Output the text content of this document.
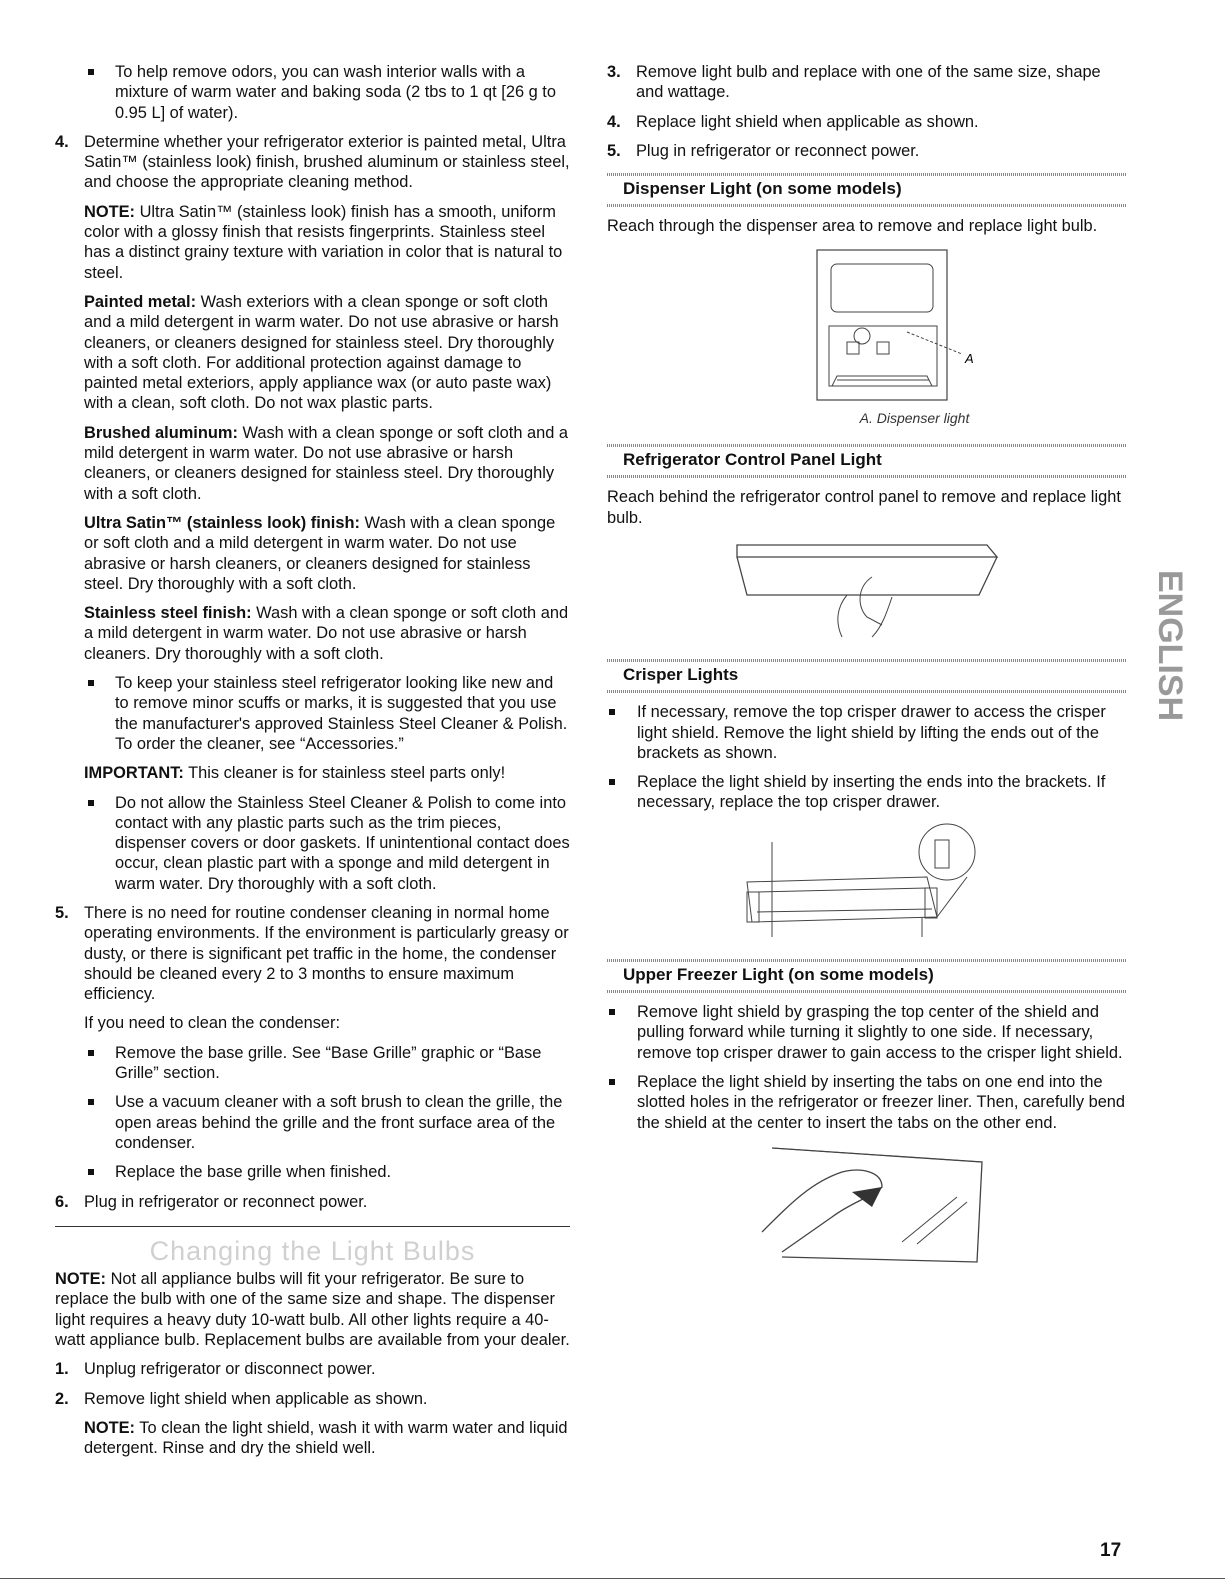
To help remove odors, you can wash interior walls with a mixture of warm water and baking soda (2 tbs to 1 qt [26 g to 0.95 L] of water).

4. Determine whether your refrigerator exterior is painted metal, Ultra Satin™ (stainless look) finish, brushed aluminum or stainless steel, and choose the appropriate cleaning method.

NOTE: Ultra Satin™ (stainless look) finish has a smooth, uniform color with a glossy finish that resists fingerprints. Stainless steel has a distinct grainy texture with variation in color that is natural to steel.

Painted metal: Wash exteriors with a clean sponge or soft cloth and a mild detergent in warm water. Do not use abrasive or harsh cleaners, or cleaners designed for stainless steel. Dry thoroughly with a soft cloth. For additional protection against damage to painted metal exteriors, apply appliance wax (or auto paste wax) with a clean, soft cloth. Do not wax plastic parts.

Brushed aluminum: Wash with a clean sponge or soft cloth and a mild detergent in warm water. Do not use abrasive or harsh cleaners, or cleaners designed for stainless steel. Dry thoroughly with a soft cloth.

Ultra Satin™ (stainless look) finish: Wash with a clean sponge or soft cloth and a mild detergent in warm water. Do not use abrasive or harsh cleaners, or cleaners designed for stainless steel. Dry thoroughly with a soft cloth.

Stainless steel finish: Wash with a clean sponge or soft cloth and a mild detergent in warm water. Do not use abrasive or harsh cleaners. Dry thoroughly with a soft cloth.

To keep your stainless steel refrigerator looking like new and to remove minor scuffs or marks, it is suggested that you use the manufacturer's approved Stainless Steel Cleaner & Polish. To order the cleaner, see “Accessories.”

IMPORTANT: This cleaner is for stainless steel parts only!

Do not allow the Stainless Steel Cleaner & Polish to come into contact with any plastic parts such as the trim pieces, dispenser covers or door gaskets. If unintentional contact does occur, clean plastic part with a sponge and mild detergent in warm water. Dry thoroughly with a soft cloth.

5. There is no need for routine condenser cleaning in normal home operating environments. If the environment is particularly greasy or dusty, or there is significant pet traffic in the home, the condenser should be cleaned every 2 to 3 months to ensure maximum efficiency.

If you need to clean the condenser:

Remove the base grille. See “Base Grille” graphic or “Base Grille” section.

Use a vacuum cleaner with a soft brush to clean the grille, the open areas behind the grille and the front surface area of the condenser.

Replace the base grille when finished.

6. Plug in refrigerator or reconnect power.
Changing the Light Bulbs

NOTE: Not all appliance bulbs will fit your refrigerator. Be sure to replace the bulb with one of the same size and shape. The dispenser light requires a heavy duty 10-watt bulb. All other lights require a 40-watt appliance bulb. Replacement bulbs are available from your dealer.

1. Unplug refrigerator or disconnect power.
2. Remove light shield when applicable as shown.

NOTE: To clean the light shield, wash it with warm water and liquid detergent. Rinse and dry the shield well.

3. Remove light bulb and replace with one of the same size, shape and wattage.
4. Replace light shield when applicable as shown.
5. Plug in refrigerator or reconnect power.
Dispenser Light (on some models)

Reach through the dispenser area to remove and replace light bulb.

A
A. Dispenser light
Refrigerator Control Panel Light

Reach behind the refrigerator control panel to remove and replace light bulb.

Crisper Lights

If necessary, remove the top crisper drawer to access the crisper light shield. Remove the light shield by lifting the ends out of the brackets as shown.

Replace the light shield by inserting the ends into the brackets. If necessary, replace the top crisper drawer.

Upper Freezer Light (on some models)

Remove light shield by grasping the top center of the shield and pulling forward while turning it slightly to one side. If necessary, remove top crisper drawer to gain access to the crisper light shield.

Replace the light shield by inserting the tabs on one end into the slotted holes in the refrigerator or freezer liner. Then, carefully bend the shield at the center to insert the tabs on the other end.

ENGLISH
17
